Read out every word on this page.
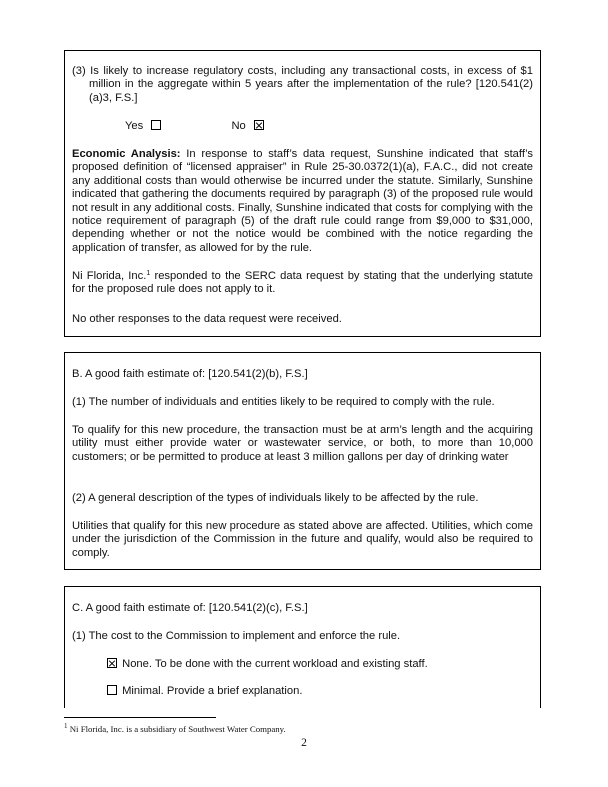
(3) Is likely to increase regulatory costs, including any transactional costs, in excess of $1 million in the aggregate within 5 years after the implementation of the rule? [120.541(2)(a)3, F.S.]

Yes	No

Economic Analysis: In response to staff’s data request, Sunshine indicated that staff’s proposed definition of “licensed appraiser” in Rule 25-30.0372(1)(a), F.A.C., did not create any additional costs than would otherwise be incurred under the statute. Similarly, Sunshine indicated that gathering the documents required by paragraph (3) of the proposed rule would not result in any additional costs. Finally, Sunshine indicated that costs for complying with the notice requirement of paragraph (5) of the draft rule could range from $9,000 to $31,000, depending whether or not the notice would be combined with the notice regarding the application of transfer, as allowed for by the rule.

Ni Florida, Inc.$^1$ responded to the SERC data request by stating that the underlying statute for the proposed rule does not apply to it.

No other responses to the data request were received.

B. A good faith estimate of: [120.541(2)(b), F.S.]

(1) The number of individuals and entities likely to be required to comply with the rule.

To qualify for this new procedure, the transaction must be at arm’s length and the acquiring utility must either provide water or wastewater service, or both, to more than 10,000 customers; or be permitted to produce at least 3 million gallons per day of drinking water

(2) A general description of the types of individuals likely to be affected by the rule.

Utilities that qualify for this new procedure as stated above are affected. Utilities, which come under the jurisdiction of the Commission in the future and qualify, would also be required to comply.

C. A good faith estimate of: [120.541(2)(c), F.S.]

(1) The cost to the Commission to implement and enforce the rule.

None. To be done with the current workload and existing staff.
Minimal. Provide a brief explanation.
$^1$ Ni Florida, Inc. is a subsidiary of Southwest Water Company.
2
